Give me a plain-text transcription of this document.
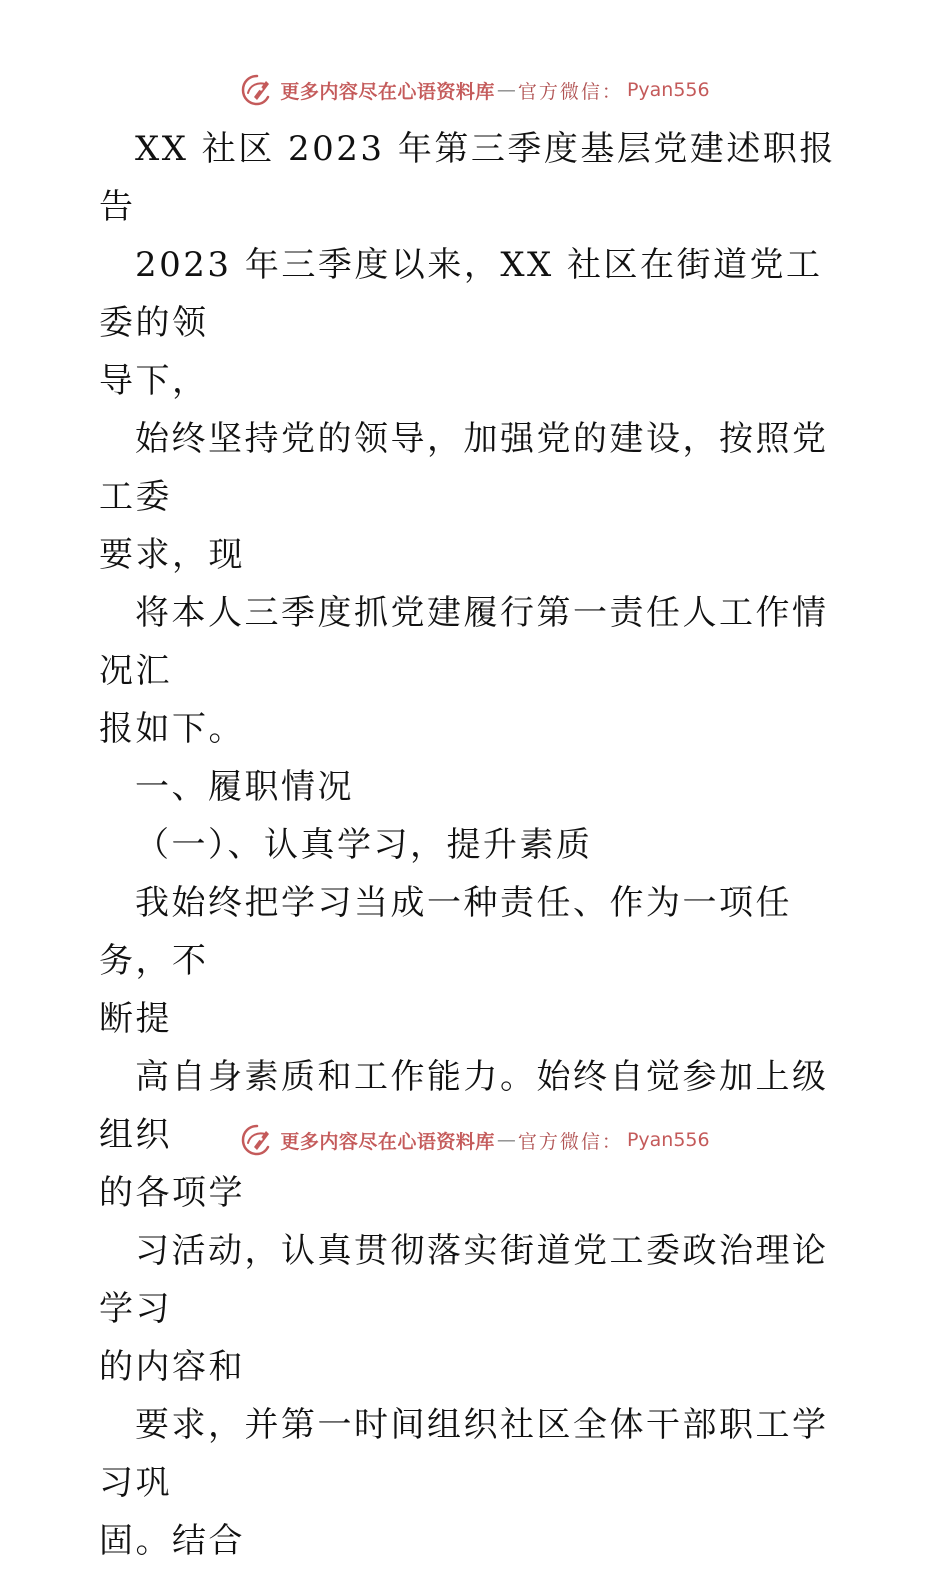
更多内容尽在心语资料库 — 官方微信： Pyan556

XX 社区 2023 年第三季度基层党建述职报告

2023 年三季度以来，XX 社区在街道党工委的领

导下，

始终坚持党的领导，加强党的建设，按照党工委

要求，现

将本人三季度抓党建履行第一责任人工作情况汇

报如下。

一、履职情况

（一）、认真学习，提升素质

我始终把学习当成一种责任、作为一项任务，不

断提

高自身素质和工作能力。始终自觉参加上级组织

的各项学

习活动，认真贯彻落实街道党工委政治理论学习

的内容和

要求，并第一时间组织社区全体干部职工学习巩

固。结合

更多内容尽在心语资料库 — 官方微信： Pyan556
